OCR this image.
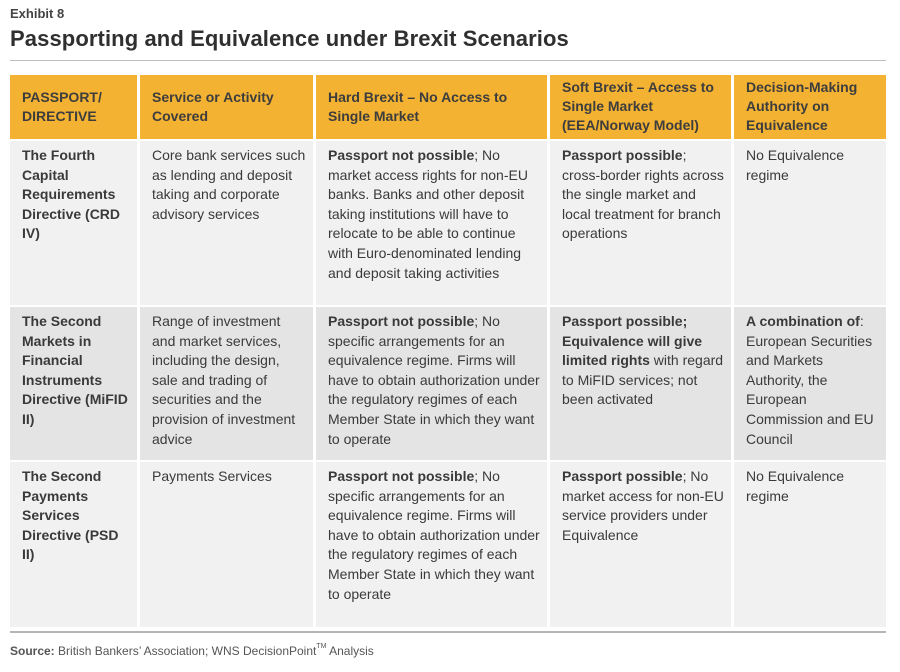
Exhibit 8
Passporting and Equivalence under Brexit Scenarios
PASSPORT/ DIRECTIVE	Service or Activity Covered	Hard Brexit – No Access to Single Market	Soft Brexit – Access to Single Market (EEA/Norway Model)	Decision-Making Authority on Equivalence
The Fourth Capital Requirements Directive (CRD IV)	Core bank services such as lending and deposit taking and corporate advisory services	Passport not possible; No market access rights for non-EU banks. Banks and other deposit taking institutions will have to relocate to be able to continue with Euro-denominated lending and deposit taking activities	Passport possible; cross-border rights across the single market and local treatment for branch operations	No Equivalence regime
The Second Markets in Financial Instruments Directive (MiFID II)	Range of investment and market services, including the design, sale and trading of securities and the provision of investment advice	Passport not possible; No specific arrangements for an equivalence regime. Firms will have to obtain authorization under the regulatory regimes of each Member State in which they want to operate	Passport possible; Equivalence will give limited rights with regard to MiFID services; not been activated	A combination of: European Securities and Markets Authority, the European Commission and EU Council
The Second Payments Services Directive (PSD II)	Payments Services	Passport not possible; No specific arrangements for an equivalence regime. Firms will have to obtain authorization under the regulatory regimes of each Member State in which they want to operate	Passport possible; No market access for non-EU service providers under Equivalence	No Equivalence regime
Source: British Bankers’ Association; WNS DecisionPoint™ Analysis
